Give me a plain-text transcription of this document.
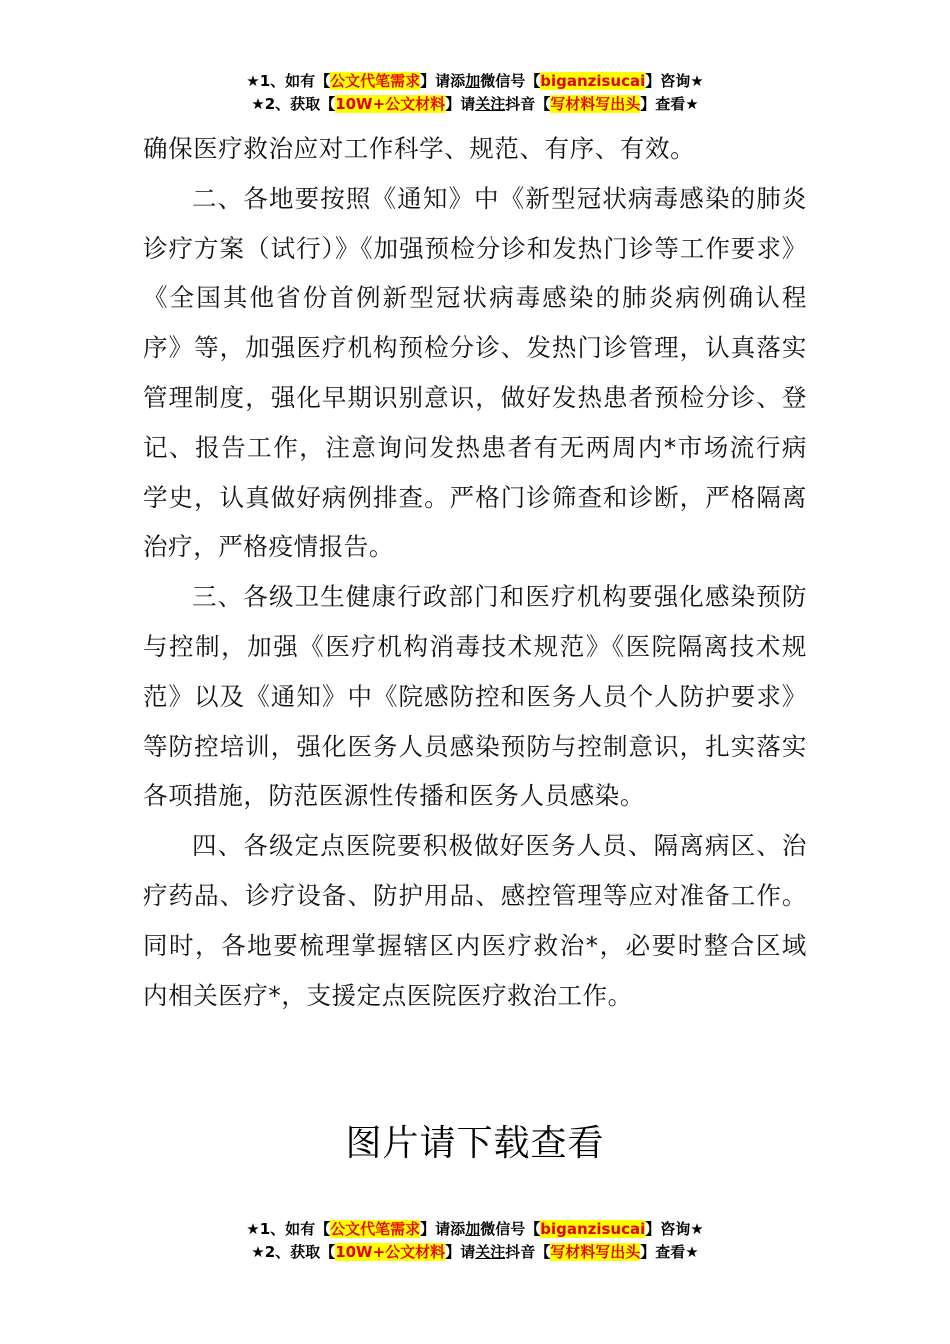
★1、如有【公文代笔需求】请添加微信号【biganzisucai】咨询★
★2、获取【10W+公文材料】请关注抖音【写材料写出头】查看★

确保医疗救治应对工作科学、规范、有序、有效。

二、各地要按照《通知》中《新型冠状病毒感染的肺炎诊疗方案（试行）》《加强预检分诊和发热门诊等工作要求》《全国其他省份首例新型冠状病毒感染的肺炎病例确认程序》等，加强医疗机构预检分诊、发热门诊管理，认真落实管理制度，强化早期识别意识，做好发热患者预检分诊、登记、报告工作，注意询问发热患者有无两周内*市场流行病学史，认真做好病例排查。严格门诊筛查和诊断，严格隔离治疗，严格疫情报告。

三、各级卫生健康行政部门和医疗机构要强化感染预防与控制，加强《医疗机构消毒技术规范》《医院隔离技术规范》以及《通知》中《院感防控和医务人员个人防护要求》等防控培训，强化医务人员感染预防与控制意识，扎实落实各项措施，防范医源性传播和医务人员感染。

四、各级定点医院要积极做好医务人员、隔离病区、治疗药品、诊疗设备、防护用品、感控管理等应对准备工作。同时，各地要梳理掌握辖区内医疗救治*，必要时整合区域内相关医疗*，支援定点医院医疗救治工作。

图片请下载查看
★1、如有【公文代笔需求】请添加微信号【biganzisucai】咨询★
★2、获取【10W+公文材料】请关注抖音【写材料写出头】查看★
